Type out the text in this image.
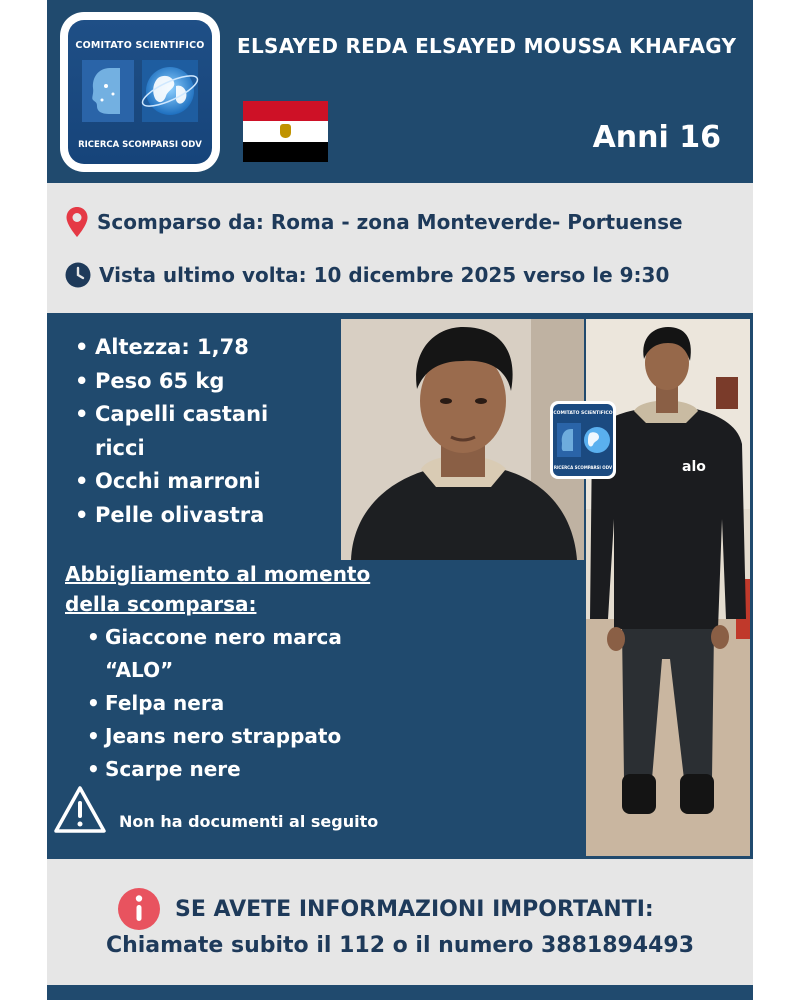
COMITATO SCIENTIFICO
RICERCA SCOMPARSI ODV
ELSAYED REDA ELSAYED MOUSSA KHAFAGY
Anni 16
Scomparso da: Roma - zona Monteverde- Portuense
Vista ultimo volta: 10 dicembre 2025 verso le 9:30
• Altezza: 1,78
• Peso 65 kg
• Capelli castani ricci
• Occhi marroni
• Pelle olivastra
Abbigliamento al momento della scomparsa:
• Giaccone nero marca “ALO”
• Felpa nera
• Jeans nero strappato
• Scarpe nere
Non ha documenti al seguito
alo
COMITATO SCIENTIFICO
RICERCA SCOMPARSI ODV
SE AVETE INFORMAZIONI IMPORTANTI:
Chiamate subito il 112 o il numero 3881894493
